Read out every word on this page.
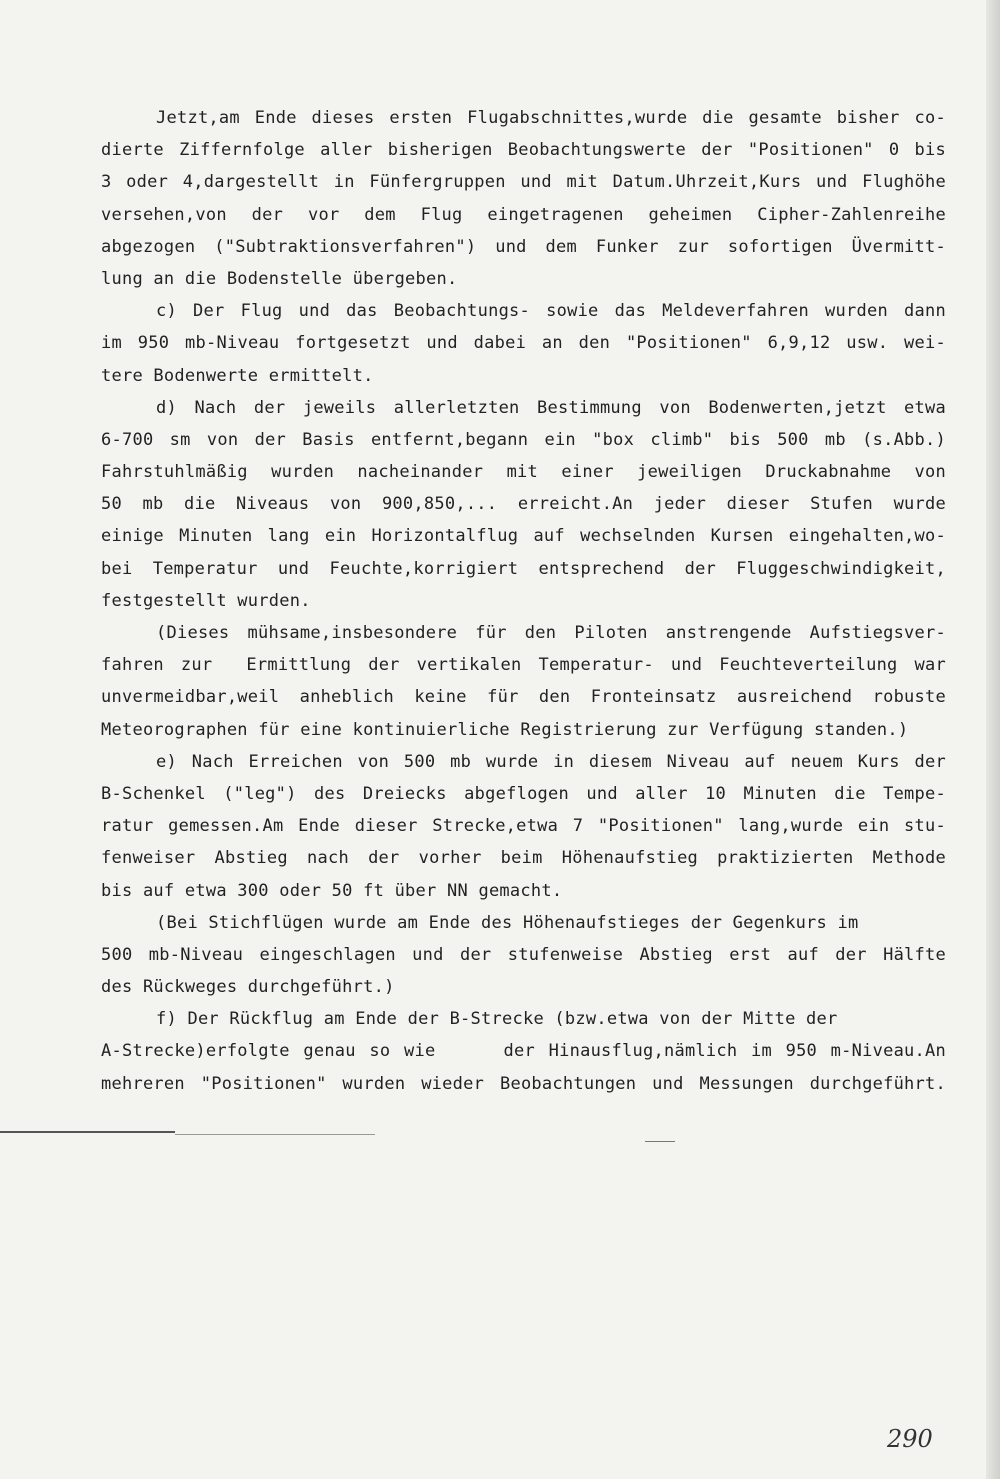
Jetzt,am Ende dieses ersten Flugabschnittes,wurde die gesamte bisher co-
dierte Ziffernfolge aller bisherigen Beobachtungswerte der "Positionen" 0 bis
3 oder 4,dargestellt in Fünfergruppen und mit Datum.Uhrzeit,Kurs und Flughöhe
versehen,von der vor dem Flug eingetragenen geheimen Cipher-Zahlenreihe
abgezogen ("Subtraktionsverfahren") und dem Funker zur sofortigen Üvermitt-
lung an die Bodenstelle übergeben.
c) Der Flug und das Beobachtungs- sowie das Meldeverfahren wurden dann
im 950 mb-Niveau fortgesetzt und dabei an den "Positionen" 6,9,12 usw. wei-
tere Bodenwerte ermittelt.
d) Nach der jeweils allerletzten Bestimmung von Bodenwerten,jetzt etwa
6-700 sm von der Basis entfernt,begann ein "box climb" bis 500 mb (s.Abb.)
Fahrstuhlmäßig wurden nacheinander mit einer jeweiligen Druckabnahme von
50 mb die Niveaus von 900,850,... erreicht.An jeder dieser Stufen wurde
einige Minuten lang ein Horizontalflug auf wechselnden Kursen eingehalten,wo-
bei Temperatur und Feuchte,korrigiert entsprechend der Fluggeschwindigkeit,
festgestellt wurden.
(Dieses mühsame,insbesondere für den Piloten anstrengende Aufstiegsver-
fahren zur  Ermittlung der vertikalen Temperatur- und Feuchteverteilung war
unvermeidbar,weil anheblich keine für den Fronteinsatz ausreichend robuste
Meteorographen für eine kontinuierliche Registrierung zur Verfügung standen.)
e) Nach Erreichen von 500 mb wurde in diesem Niveau auf neuem Kurs der
B-Schenkel ("leg") des Dreiecks abgeflogen und aller 10 Minuten die Tempe-
ratur gemessen.Am Ende dieser Strecke,etwa 7 "Positionen" lang,wurde ein stu-
fenweiser Abstieg nach der vorher beim Höhenaufstieg praktizierten Methode
bis auf etwa 300 oder 50 ft über NN gemacht.
(Bei Stichflügen wurde am Ende des Höhenaufstieges der Gegenkurs im
500 mb-Niveau eingeschlagen und der stufenweise Abstieg erst auf der Hälfte
des Rückweges durchgeführt.)
f) Der Rückflug am Ende der B-Strecke (bzw.etwa von der Mitte der
A-Strecke)erfolgte genau so wie     der Hinausflug,nämlich im 950 m-Niveau.An
mehreren "Positionen" wurden wieder Beobachtungen und Messungen durchgeführt.
290
